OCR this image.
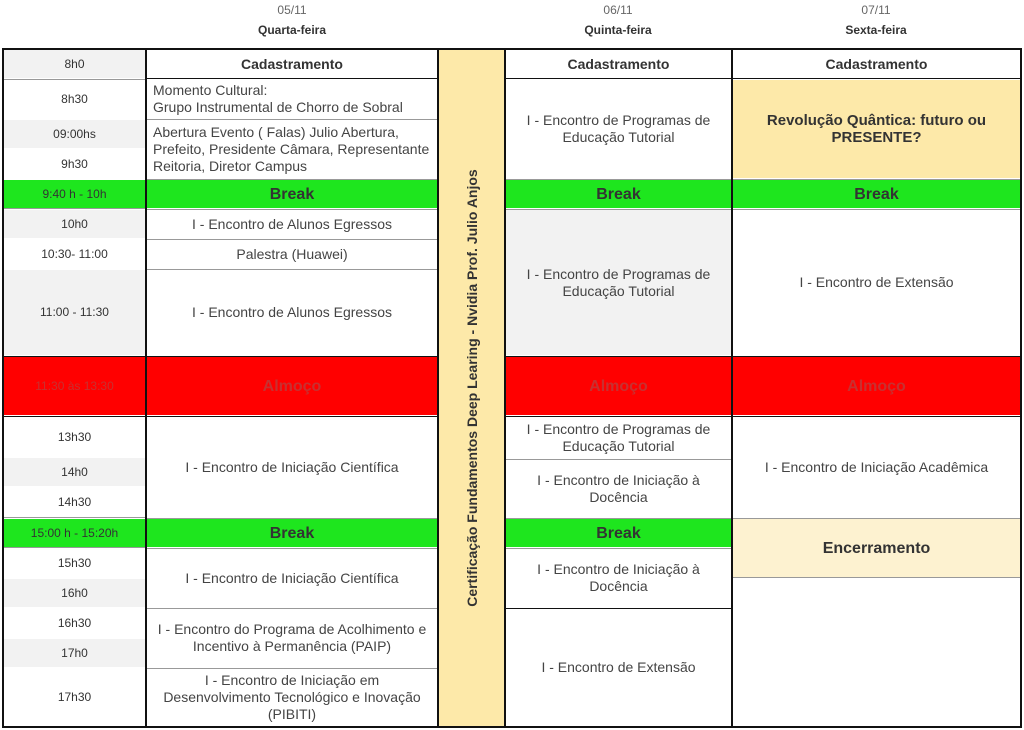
05/11
Quarta-feira
06/11
Quinta-feira
07/11
Sexta-feira
8h0
8h30
09:00hs
9h30
9:40 h - 10h
10h0
10:30- 11:00
11:00 - 11:30
11:30 às 13:30
13h30
14h0
14h30
15:00 h - 15:20h
15h30
16h0
16h30
17h0
17h30
Cadastramento
Momento Cultural:
Grupo Instrumental de Chorro de Sobral
Abertura Evento ( Falas) Julio Abertura, Prefeito, Presidente Câmara, Representante Reitoria, Diretor Campus
Break
I - Encontro de Alunos Egressos
Palestra (Huawei)
I - Encontro de Alunos Egressos
Almoço
I - Encontro de Iniciação Científica
Break
I - Encontro de Iniciação Científica
I - Encontro do Programa de Acolhimento e Incentivo à Permanência (PAIP)
I - Encontro de Iniciação em Desenvolvimento Tecnológico e Inovação (PIBITI)
Certificação Fundamentos Deep Learing - Nvidia Prof. Julio Anjos
Cadastramento
I - Encontro de Programas de Educação Tutorial
Break
I - Encontro de Programas de Educação Tutorial
Almoço
I - Encontro de Programas de Educação Tutorial
I - Encontro de Iniciação à Docência
Break
I - Encontro de Iniciação à Docência
I - Encontro de Extensão
Cadastramento
Revolução Quântica: futuro ou PRESENTE?
Break
I - Encontro de Extensão
Almoço
I - Encontro de Iniciação Acadêmica
Encerramento
